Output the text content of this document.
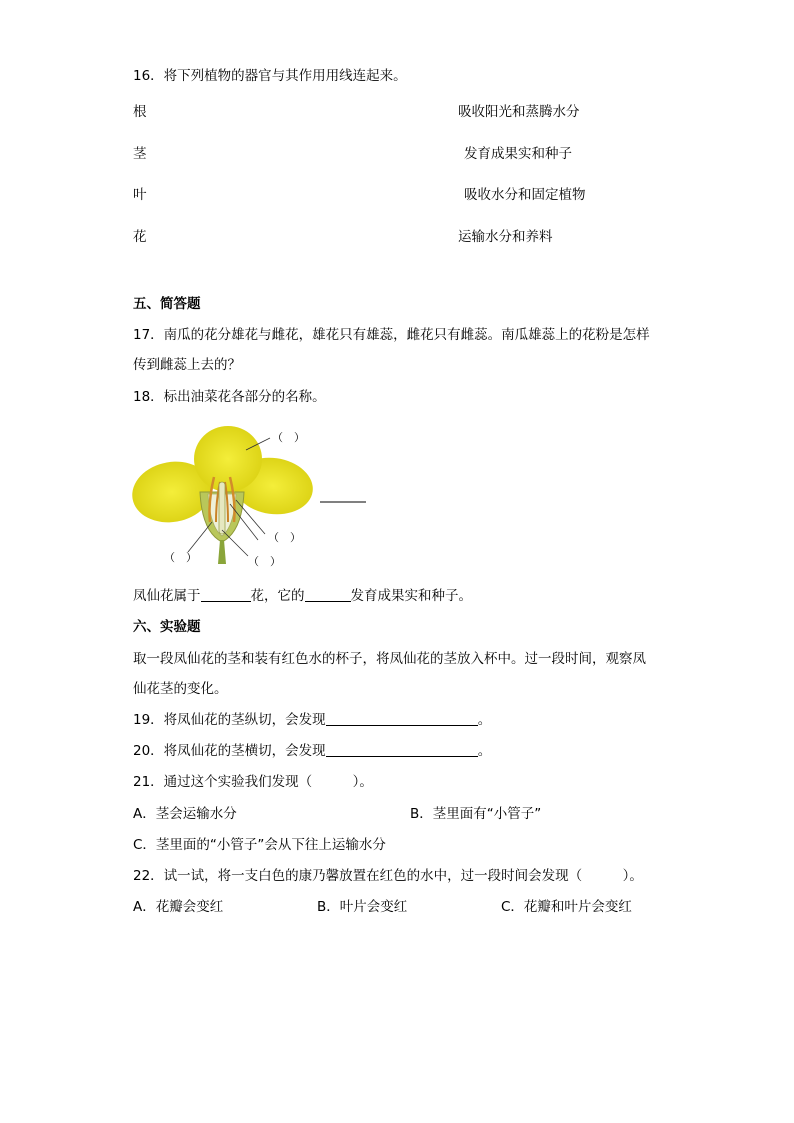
16．将下列植物的器官与其作用用线连起来。
根	吸收阳光和蒸腾水分
茎	发育成果实和种子
叶	吸收水分和固定植物
花	运输水分和养料
五、简答题
17．南瓜的花分雄花与雌花，雄花只有雄蕊，雌花只有雌蕊。南瓜雄蕊上的花粉是怎样
传到雌蕊上去的？
18．标出油菜花各部分的名称。
（　）
（　）
（　）	（　）
凤仙花属于	花，它的	发育成果实和种子。
六、实验题
取一段凤仙花的茎和装有红色水的杯子，将凤仙花的茎放入杯中。过一段时间，观察凤
仙花茎的变化。
19．将凤仙花的茎纵切，会发现	。
20．将凤仙花的茎横切，会发现	。
21．通过这个实验我们发现（　　　）。
A．茎会运输水分	B．茎里面有“小管子”
C．茎里面的“小管子”会从下往上运输水分
22．试一试，将一支白色的康乃馨放置在红色的水中，过一段时间会发现（　　　）。
A．花瓣会变红	B．叶片会变红	C．花瓣和叶片会变红
